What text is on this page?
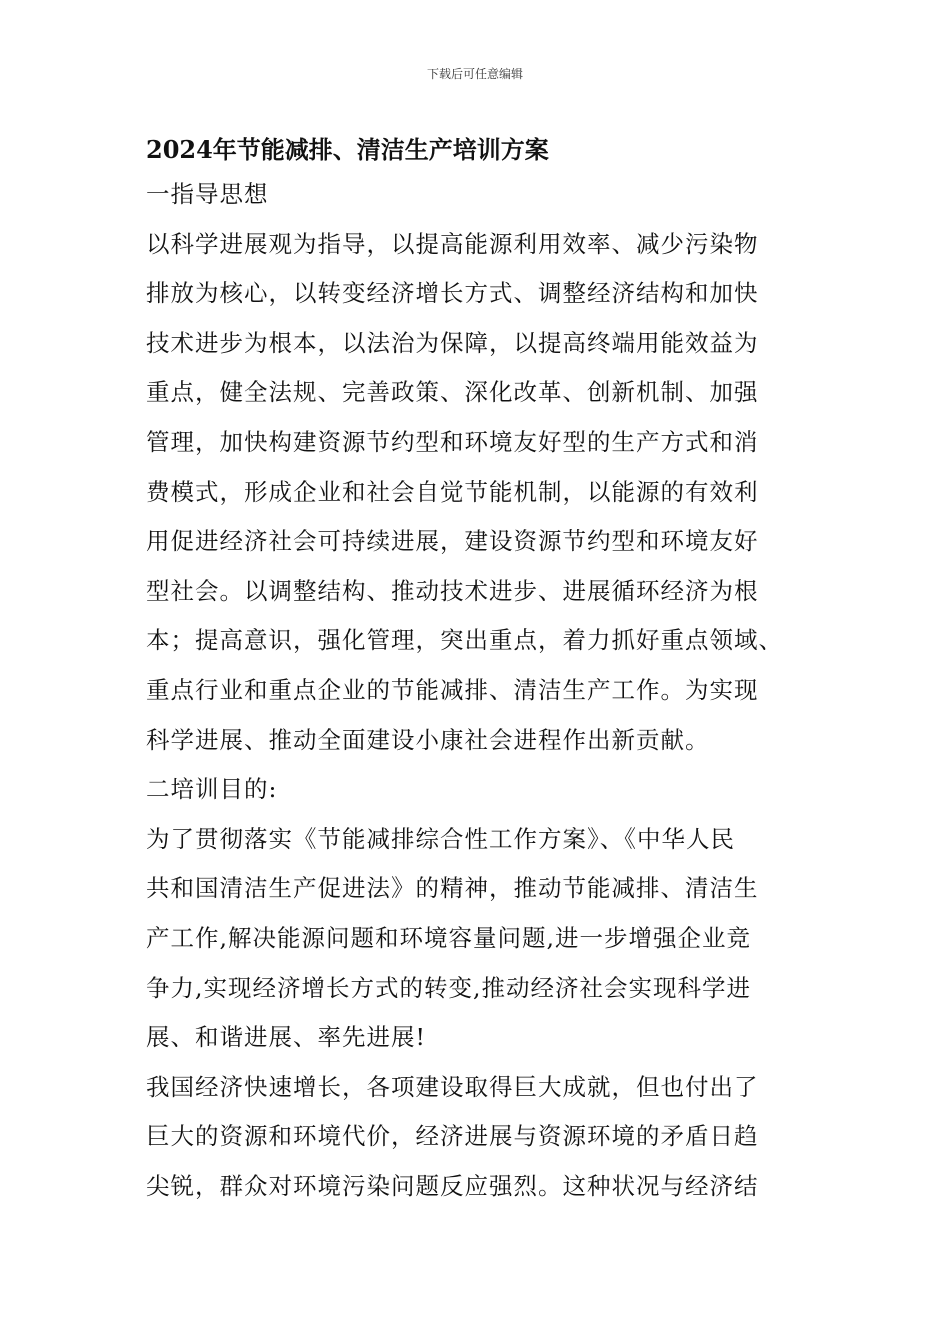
下载后可任意编辑
2024年节能减排、清洁生产培训方案
一指导思想
以科学进展观为指导，以提高能源利用效率、减少污染物
排放为核心，以转变经济增长方式、调整经济结构和加快
技术进步为根本，以法治为保障，以提高终端用能效益为
重点，健全法规、完善政策、深化改革、创新机制、加强
管理，加快构建资源节约型和环境友好型的生产方式和消
费模式，形成企业和社会自觉节能机制，以能源的有效利
用促进经济社会可持续进展，建设资源节约型和环境友好
型社会。以调整结构、推动技术进步、进展循环经济为根
本；提高意识，强化管理，突出重点，着力抓好重点领域、
重点行业和重点企业的节能减排、清洁生产工作。为实现
科学进展、推动全面建设小康社会进程作出新贡献。
二培训目的:
为了贯彻落实《节能减排综合性工作方案》、《中华人民
共和国清洁生产促进法》的精神，推动节能减排、清洁生
产工作,解决能源问题和环境容量问题,进一步增强企业竞
争力,实现经济增长方式的转变,推动经济社会实现科学进
展、和谐进展、率先进展!
我国经济快速增长，各项建设取得巨大成就，但也付出了
巨大的资源和环境代价，经济进展与资源环境的矛盾日趋
尖锐，群众对环境污染问题反应强烈。这种状况与经济结
